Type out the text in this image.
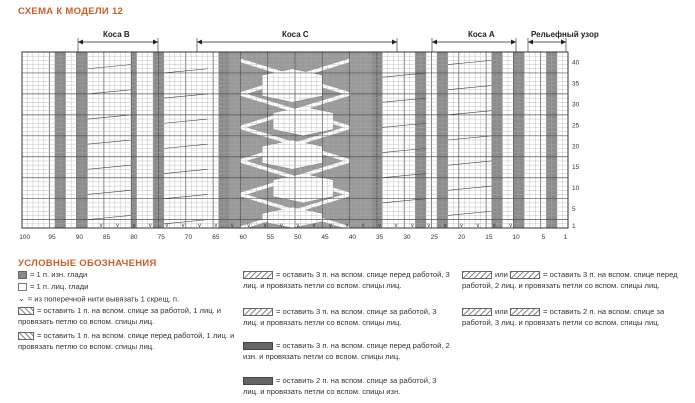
СХЕМА К МОДЕЛИ 12
v v v v v v v v v v v v v v v v v v v v v v v v v v	1
5
10
15
20
25
30
35
40
100	95	90	85	80	75	70	65	60	55	50	45	40	35	30	25	20	15	10	5	1
Коса В	Коса С	Коса А	Рельефный узор
УСЛОВНЫЕ ОБОЗНАЧЕНИЯ
= 1 п. изн. глади
= 1 п. лиц. глади
⌄ = из поперечной нити вывязать 1 скрещ. п.
= оставить 1 п. на вспом. спице за работой, 1 лиц. и провязать петлю со вспом. спицы лиц.
= оставить 1 п. на вспом. спице перед работой, 1 лиц. и провязать петлю со вспом. спицы лиц.
= оставить 3 п. на вспом. спице перед работой, 3 лиц. и провязать петли со вспом. спицы лиц.
= оставить 3 п. на вспом. спице за работой, 3 лиц. и провязать петли со вспом. спицы лиц.
= оставить 3 п. на вспом. спице перед работой, 2 изн. и провязать петли со вспом. спицы лиц.
= оставить 2 п. на вспом. спице за работой, 3 лиц. и провязать петли со вспом. спицы изн.
или	= оставить 3 п. на вспом. спице перед работой, 2 лиц. и провязать петли со вспом. спицы лиц.
или	= оставить 2 п. на вспом. спице за работой, 3 лиц. и провязать петли со вспом. спицы лиц.
